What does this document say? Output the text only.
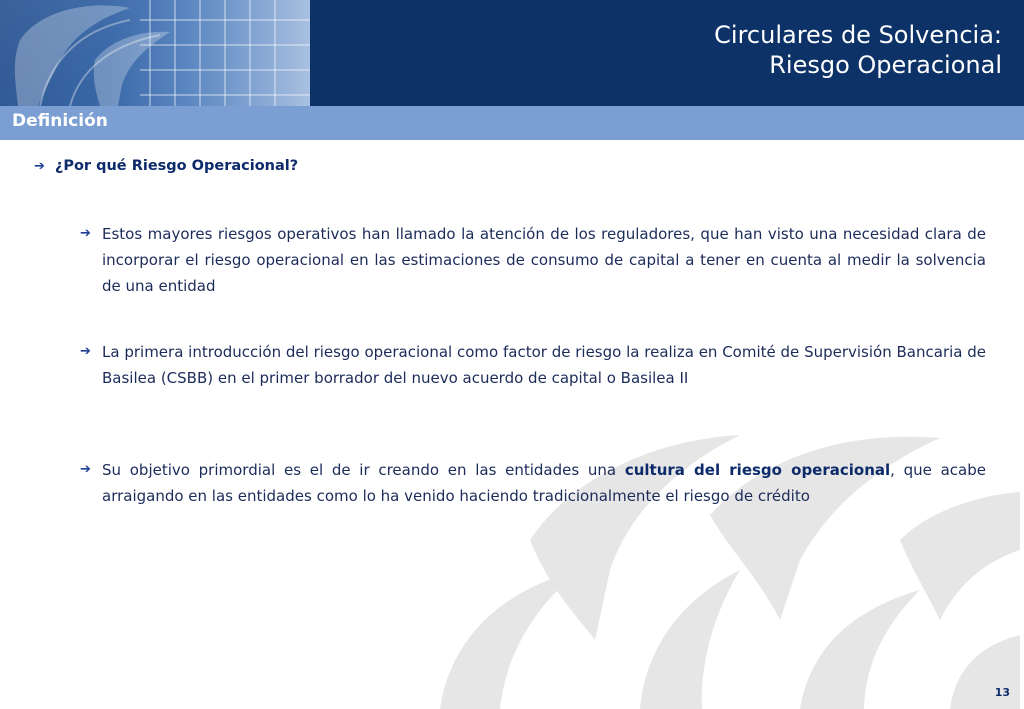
Circulares de Solvencia:
Riesgo Operacional
Definición
➔ ¿Por qué Riesgo Operacional?
➔ Estos mayores riesgos operativos han llamado la atención de los reguladores, que han visto una necesidad clara de incorporar el riesgo operacional en las estimaciones de consumo de capital a tener en cuenta al medir la solvencia de una entidad
➔ La primera introducción del riesgo operacional como factor de riesgo la realiza en Comité de Supervisión Bancaria de Basilea (CSBB) en el primer borrador del nuevo acuerdo de capital o Basilea II
➔ Su objetivo primordial es el de ir creando en las entidades una cultura del riesgo operacional, que acabe arraigando en las entidades como lo ha venido haciendo tradicionalmente el riesgo de crédito
13
